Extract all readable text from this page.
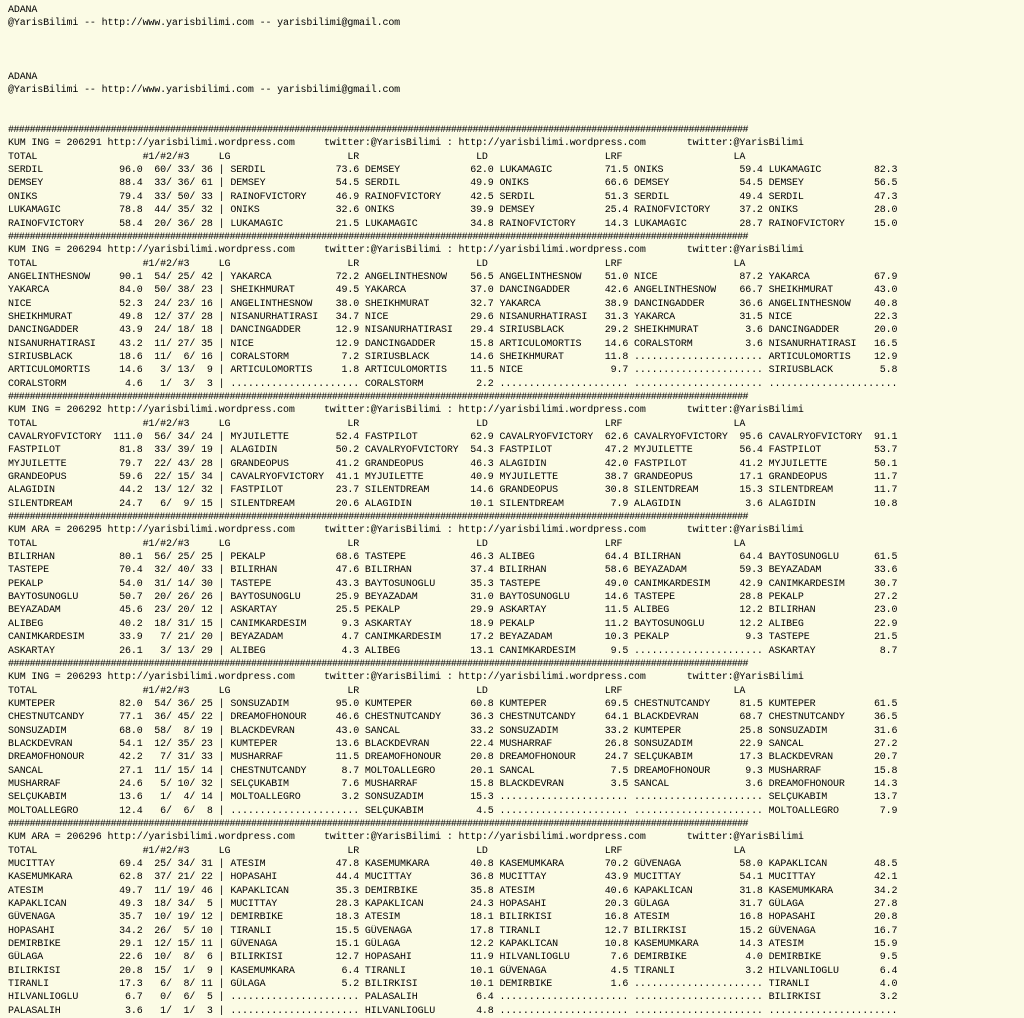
ADANA
@YarisBilimi -- http://www.yarisbilimi.com -- yarisbilimi@gmail.com
ADANA
@YarisBilimi -- http://www.yarisbilimi.com -- yarisbilimi@gmail.com
#########################################################################################################################################
KUM ING = 206291 http://yarisbilimi.wordpress.com     twitter:@YarisBilimi : http://yarisbilimi.wordpress.com       twitter:@YarisBilimi
TOTAL                  #1/#2/#3     LG                    LR                    LD                    LRF                   LA
SERDIL             96.0  60/ 33/ 36 | SERDIL            73.6 DEMSEY            62.0 LUKAMAGIC         71.5 ONIKS             59.4 LUKAMAGIC         82.3
DEMSEY             88.4  33/ 36/ 61 | DEMSEY            54.5 SERDIL            49.9 ONIKS             66.6 DEMSEY            54.5 DEMSEY            56.5
ONIKS              79.4  33/ 50/ 33 | RAINOFVICTORY     46.9 RAINOFVICTORY     42.5 SERDIL            51.3 SERDIL            49.4 SERDIL            47.3
LUKAMAGIC          78.8  44/ 35/ 32 | ONIKS             32.6 ONIKS             39.9 DEMSEY            25.4 RAINOFVICTORY     37.2 ONIKS             28.0
RAINOFVICTORY      58.4  20/ 36/ 28 | LUKAMAGIC         21.5 LUKAMAGIC         34.8 RAINOFVICTORY     14.3 LUKAMAGIC         28.7 RAINOFVICTORY     15.0
#########################################################################################################################################
KUM ING = 206294 http://yarisbilimi.wordpress.com     twitter:@YarisBilimi : http://yarisbilimi.wordpress.com       twitter:@YarisBilimi
TOTAL                  #1/#2/#3     LG                    LR                    LD                    LRF                   LA
ANGELINTHESNOW     90.1  54/ 25/ 42 | YAKARCA           72.2 ANGELINTHESNOW    56.5 ANGELINTHESNOW    51.0 NICE              87.2 YAKARCA           67.9
YAKARCA            84.0  50/ 38/ 23 | SHEIKHMURAT       49.5 YAKARCA           37.0 DANCINGADDER      42.6 ANGELINTHESNOW    66.7 SHEIKHMURAT       43.0
NICE               52.3  24/ 23/ 16 | ANGELINTHESNOW    38.0 SHEIKHMURAT       32.7 YAKARCA           38.9 DANCINGADDER      36.6 ANGELINTHESNOW    40.8
SHEIKHMURAT        49.8  12/ 37/ 28 | NISANURHATIRASI   34.7 NICE              29.6 NISANURHATIRASI   31.3 YAKARCA           31.5 NICE              22.3
DANCINGADDER       43.9  24/ 18/ 18 | DANCINGADDER      12.9 NISANURHATIRASI   29.4 SIRIUSBLACK       29.2 SHEIKHMURAT        3.6 DANCINGADDER      20.0
NISANURHATIRASI    43.2  11/ 27/ 35 | NICE              12.9 DANCINGADDER      15.8 ARTICULOMORTIS    14.6 CORALSTORM         3.6 NISANURHATIRASI   16.5
SIRIUSBLACK        18.6  11/  6/ 16 | CORALSTORM         7.2 SIRIUSBLACK       14.6 SHEIKHMURAT       11.8 ...................... ARTICULOMORTIS    12.9
ARTICULOMORTIS     14.6   3/ 13/  9 | ARTICULOMORTIS     1.8 ARTICULOMORTIS    11.5 NICE               9.7 ...................... SIRIUSBLACK        5.8
CORALSTORM          4.6   1/  3/  3 | ...................... CORALSTORM         2.2 ...................... ...................... ......................
#########################################################################################################################################
KUM ING = 206292 http://yarisbilimi.wordpress.com     twitter:@YarisBilimi : http://yarisbilimi.wordpress.com       twitter:@YarisBilimi
TOTAL                  #1/#2/#3     LG                    LR                    LD                    LRF                   LA
CAVALRYOFVICTORY  111.0  56/ 34/ 24 | MYJUILETTE        52.4 FASTPILOT         62.9 CAVALRYOFVICTORY  62.6 CAVALRYOFVICTORY  95.6 CAVALRYOFVICTORY  91.1
FASTPILOT          81.8  33/ 39/ 19 | ALAGIDIN          50.2 CAVALRYOFVICTORY  54.3 FASTPILOT         47.2 MYJUILETTE        56.4 FASTPILOT         53.7
MYJUILETTE         79.7  22/ 43/ 28 | GRANDEOPUS        41.2 GRANDEOPUS        46.3 ALAGIDIN          42.0 FASTPILOT         41.2 MYJUILETTE        50.1
GRANDEOPUS         59.6  22/ 15/ 34 | CAVALRYOFVICTORY  41.1 MYJUILETTE        40.9 MYJUILETTE        38.7 GRANDEOPUS        17.1 GRANDEOPUS        11.7
ALAGIDIN           44.2  13/ 12/ 32 | FASTPILOT         23.7 SILENTDREAM       14.6 GRANDEOPUS        30.8 SILENTDREAM       15.3 SILENTDREAM       11.7
SILENTDREAM        24.7   6/  9/ 15 | SILENTDREAM       20.6 ALAGIDIN          10.1 SILENTDREAM        7.9 ALAGIDIN           3.6 ALAGIDIN          10.8
#########################################################################################################################################
KUM ARA = 206295 http://yarisbilimi.wordpress.com     twitter:@YarisBilimi : http://yarisbilimi.wordpress.com       twitter:@YarisBilimi
TOTAL                  #1/#2/#3     LG                    LR                    LD                    LRF                   LA
BILIRHAN           80.1  56/ 25/ 25 | PEKALP            68.6 TASTEPE           46.3 ALIBEG            64.4 BILIRHAN          64.4 BAYTOSUNOGLU      61.5
TASTEPE            70.4  32/ 40/ 33 | BILIRHAN          47.6 BILIRHAN          37.4 BILIRHAN          58.6 BEYAZADAM         59.3 BEYAZADAM         33.6
PEKALP             54.0  31/ 14/ 30 | TASTEPE           43.3 BAYTOSUNOGLU      35.3 TASTEPE           49.0 CANIMKARDESIM     42.9 CANIMKARDESIM     30.7
BAYTOSUNOGLU       50.7  20/ 26/ 26 | BAYTOSUNOGLU      25.9 BEYAZADAM         31.0 BAYTOSUNOGLU      14.6 TASTEPE           28.8 PEKALP            27.2
BEYAZADAM          45.6  23/ 20/ 12 | ASKARTAY          25.5 PEKALP            29.9 ASKARTAY          11.5 ALIBEG            12.2 BILIRHAN          23.0
ALIBEG             40.2  18/ 31/ 15 | CANIMKARDESIM      9.3 ASKARTAY          18.9 PEKALP            11.2 BAYTOSUNOGLU      12.2 ALIBEG            22.9
CANIMKARDESIM      33.9   7/ 21/ 20 | BEYAZADAM          4.7 CANIMKARDESIM     17.2 BEYAZADAM         10.3 PEKALP             9.3 TASTEPE           21.5
ASKARTAY           26.1   3/ 13/ 29 | ALIBEG             4.3 ALIBEG            13.1 CANIMKARDESIM      9.5 ...................... ASKARTAY           8.7
#########################################################################################################################################
KUM ING = 206293 http://yarisbilimi.wordpress.com     twitter:@YarisBilimi : http://yarisbilimi.wordpress.com       twitter:@YarisBilimi
TOTAL                  #1/#2/#3     LG                    LR                    LD                    LRF                   LA
KUMTEPER           82.0  54/ 36/ 25 | SONSUZADIM        95.0 KUMTEPER          60.8 KUMTEPER          69.5 CHESTNUTCANDY     81.5 KUMTEPER          61.5
CHESTNUTCANDY      77.1  36/ 45/ 22 | DREAMOFHONOUR     46.6 CHESTNUTCANDY     36.3 CHESTNUTCANDY     64.1 BLACKDEVRAN       68.7 CHESTNUTCANDY     36.5
SONSUZADIM         68.0  58/  8/ 19 | BLACKDEVRAN       43.0 SANCAL            33.2 SONSUZADIM        33.2 KUMTEPER          25.8 SONSUZADIM        31.6
BLACKDEVRAN        54.1  12/ 35/ 23 | KUMTEPER          13.6 BLACKDEVRAN       22.4 MUSHARRAF         26.8 SONSUZADIM        22.9 SANCAL            27.2
DREAMOFHONOUR      42.2   7/ 31/ 33 | MUSHARRAF         11.5 DREAMOFHONOUR     20.8 DREAMOFHONOUR     24.7 SELÇUKABIM        17.3 BLACKDEVRAN       20.7
SANCAL             27.1  11/ 15/ 14 | CHESTNUTCANDY      8.7 MOLTOALLEGRO      20.1 SANCAL             7.5 DREAMOFHONOUR      9.3 MUSHARRAF         15.8
MUSHARRAF          24.6   5/ 10/ 32 | SELÇUKABIM         7.6 MUSHARRAF         15.8 BLACKDEVRAN        3.5 SANCAL             3.6 DREAMOFHONOUR     14.3
SELÇUKABIM         13.6   1/  4/ 14 | MOLTOALLEGRO       3.2 SONSUZADIM        15.3 ...................... ...................... SELÇUKABIM        13.7
MOLTOALLEGRO       12.4   6/  6/  8 | ...................... SELÇUKABIM         4.5 ...................... ...................... MOLTOALLEGRO       7.9
#########################################################################################################################################
KUM ARA = 206296 http://yarisbilimi.wordpress.com     twitter:@YarisBilimi : http://yarisbilimi.wordpress.com       twitter:@YarisBilimi
TOTAL                  #1/#2/#3     LG                    LR                    LD                    LRF                   LA
MUCITTAY           69.4  25/ 34/ 31 | ATESIM            47.8 KASEMUMKARA       40.8 KASEMUMKARA       70.2 GÜVENAGA          58.0 KAPAKLICAN        48.5
KASEMUMKARA        62.8  37/ 21/ 22 | HOPASAHI          44.4 MUCITTAY          36.8 MUCITTAY          43.9 MUCITTAY          54.1 MUCITTAY          42.1
ATESIM             49.7  11/ 19/ 46 | KAPAKLICAN        35.3 DEMIRBIKE         35.8 ATESIM            40.6 KAPAKLICAN        31.8 KASEMUMKARA       34.2
KAPAKLICAN         49.3  18/ 34/  5 | MUCITTAY          28.3 KAPAKLICAN        24.3 HOPASAHI          20.3 GÜLAGA            31.7 GÜLAGA            27.8
GÜVENAGA           35.7  10/ 19/ 12 | DEMIRBIKE         18.3 ATESIM            18.1 BILIRKISI         16.8 ATESIM            16.8 HOPASAHI          20.8
HOPASAHI           34.2  26/  5/ 10 | TIRANLI           15.5 GÜVENAGA          17.8 TIRANLI           12.7 BILIRKISI         15.2 GÜVENAGA          16.7
DEMIRBIKE          29.1  12/ 15/ 11 | GÜVENAGA          15.1 GÜLAGA            12.2 KAPAKLICAN        10.8 KASEMUMKARA       14.3 ATESIM            15.9
GÜLAGA             22.6  10/  8/  6 | BILIRKISI         12.7 HOPASAHI          11.9 HILVANLIOGLU       7.6 DEMIRBIKE          4.0 DEMIRBIKE          9.5
BILIRKISI          20.8  15/  1/  9 | KASEMUMKARA        6.4 TIRANLI           10.1 GÜVENAGA           4.5 TIRANLI            3.2 HILVANLIOGLU       6.4
TIRANLI            17.3   6/  8/ 11 | GÜLAGA             5.2 BILIRKISI         10.1 DEMIRBIKE          1.6 ...................... TIRANLI            4.0
HILVANLIOGLU        6.7   0/  6/  5 | ...................... PALASALIH          6.4 ...................... ...................... BILIRKISI          3.2
PALASALIH           3.6   1/  1/  3 | ...................... HILVANLIOGLU       4.8 ...................... ...................... ......................
